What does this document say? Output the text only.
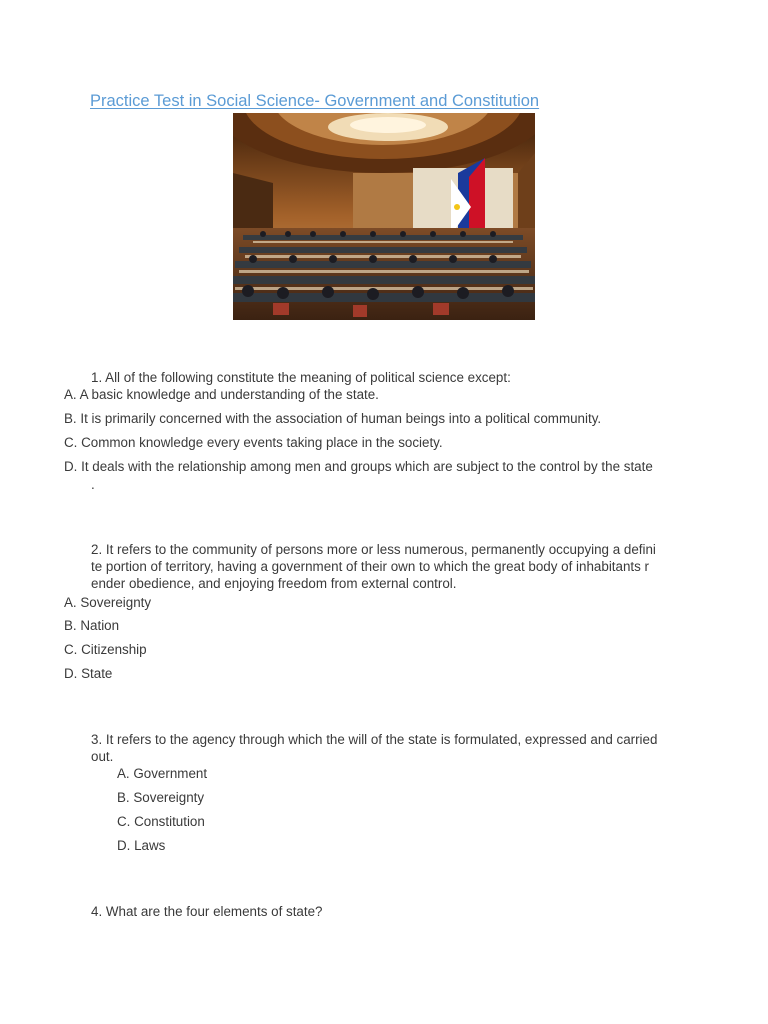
Practice Test in Social Science- Government and Constitution
1. All of the following constitute the meaning of political science except:
A. A basic knowledge and understanding of the state.
B. It is primarily concerned with the association of human beings into a political community.
C. Common knowledge every events taking place in the society.
D. It deals with the relationship among men and groups which are subject to the control by the state
.
2. It refers to the community of persons more or less numerous, permanently occupying a defini
te portion of territory, having a government of their own to which the great body of inhabitants r
ender obedience, and enjoying freedom from external control.
A. Sovereignty
B. Nation
C. Citizenship
D. State
3. It refers to the agency through which the will of the state is formulated, expressed and carried
out.
A. Government
B. Sovereignty
C. Constitution
D. Laws
4. What are the four elements of state?
